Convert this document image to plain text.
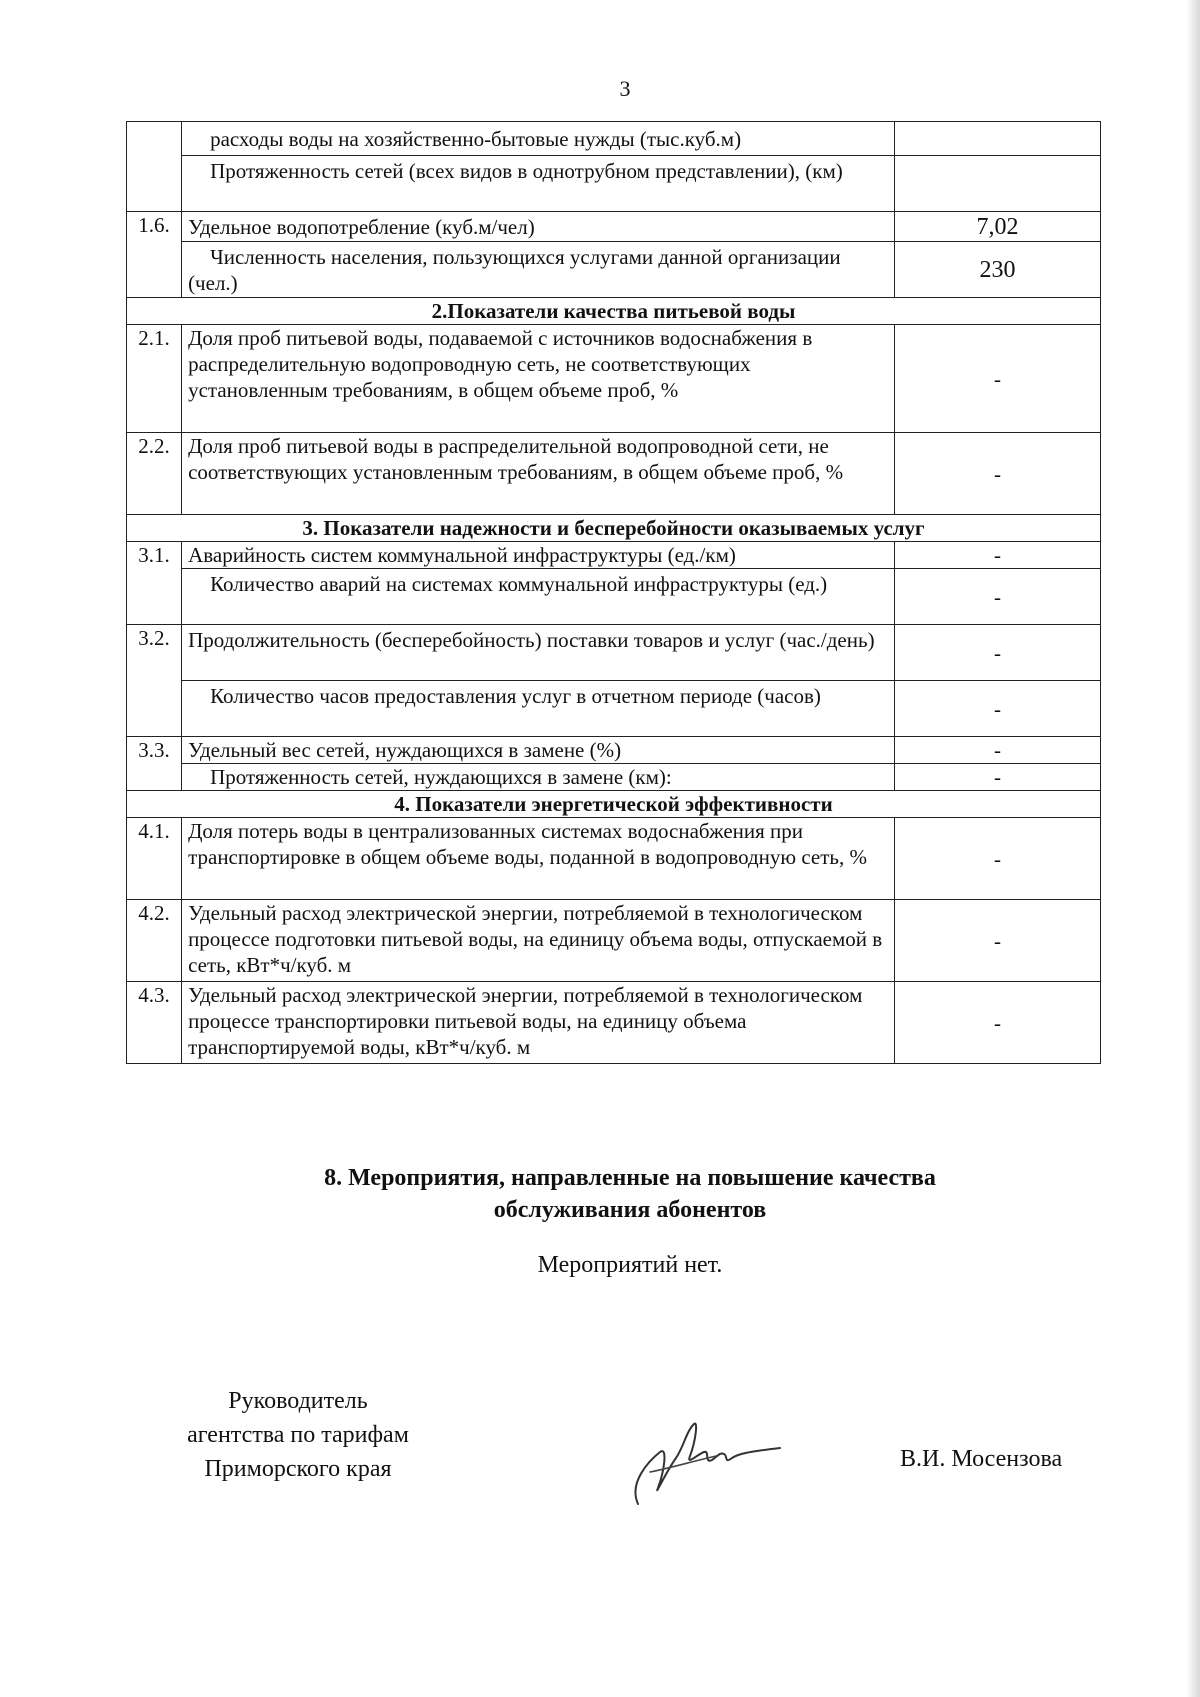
3
	расходы воды на хозяйственно-бытовые нужды (тыс.куб.м)	
	Протяженность сетей (всех видов в однотрубном представлении), (км)	
1.6.	Удельное водопотребление (куб.м/чел)	7,02
	Численность населения, пользующихся услугами данной организации (чел.)	230
2.Показатели качества питьевой воды		
2.1.	Доля проб питьевой воды, подаваемой с источников водоснабжения в распределительную водопроводную сеть, не соответствующих установленным требованиям, в общем объеме проб, %	-
2.2.	Доля проб питьевой воды в распределительной водопроводной сети, не соответствующих установленным требованиям, в общем объеме проб, %	-
3. Показатели надежности и бесперебойности оказываемых услуг		
3.1.	Аварийность систем коммунальной инфраструктуры (ед./км)	-
	Количество аварий на системах коммунальной инфраструктуры (ед.)	-
3.2.	Продолжительность (бесперебойность) поставки товаров и услуг (час./день)	-
	Количество часов предоставления услуг в отчетном периоде (часов)	-
3.3.	Удельный вес сетей, нуждающихся в замене (%)	-
	Протяженность сетей, нуждающихся в замене (км):	-
4. Показатели энергетической эффективности		
4.1.	Доля потерь воды в централизованных системах водоснабжения при транспортировке в общем объеме воды, поданной в водопроводную сеть, %	-
4.2.	Удельный расход электрической энергии, потребляемой в технологическом процессе подготовки питьевой воды, на единицу объема воды, отпускаемой в сеть, кВт*ч/куб. м	-
4.3.	Удельный расход электрической энергии, потребляемой в технологическом процессе транспортировки питьевой воды, на единицу объема транспортируемой воды, кВт*ч/куб. м	-
8. Мероприятия, направленные на повышение качества
обслуживания абонентов
Мероприятий нет.
Руководитель
агентства по тарифам
Приморского края	В.И. Мосензова
